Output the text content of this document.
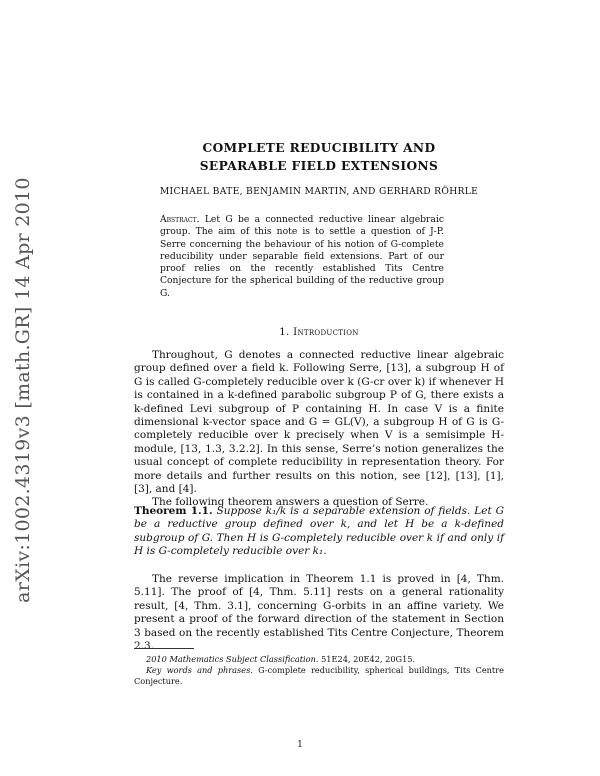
arXiv:1002.4319v3 [math.GR] 14 Apr 2010
COMPLETE REDUCIBILITY AND
SEPARABLE FIELD EXTENSIONS
MICHAEL BATE, BENJAMIN MARTIN, AND GERHARD RÖHRLE
Abstract. Let G be a connected reductive linear algebraic group. The aim of this note is to settle a question of J-P. Serre concerning the behaviour of his notion of G-complete reducibility under separable field extensions. Part of our proof relies on the recently established Tits Centre Conjecture for the spherical building of the reductive group G.
1. Introduction

Throughout, G denotes a connected reductive linear algebraic group defined over a field k. Following Serre, [13], a subgroup H of G is called G-completely reducible over k (G-cr over k) if whenever H is contained in a k-defined parabolic subgroup P of G, there exists a k-defined Levi subgroup of P containing H. In case V is a finite dimensional k-vector space and G = GL(V), a subgroup H of G is G-completely reducible over k precisely when V is a semisimple H-module, [13, 1.3, 3.2.2]. In this sense, Serre’s notion generalizes the usual concept of complete reducibility in representation theory. For more details and further results on this notion, see [12], [13], [1], [3], and [4].

The following theorem answers a question of Serre.

Theorem 1.1. Suppose k₁/k is a separable extension of fields. Let G be a reductive group defined over k, and let H be a k-defined subgroup of G. Then H is G-completely reducible over k if and only if H is G-completely reducible over k₁.

The reverse implication in Theorem 1.1 is proved in [4, Thm. 5.11]. The proof of [4, Thm. 5.11] rests on a general rationality result, [4, Thm. 3.1], concerning G-orbits in an affine variety. We present a proof of the forward direction of the statement in Section 3 based on the recently established Tits Centre Conjecture, Theorem 2.3.

2010 Mathematics Subject Classification. 51E24, 20E42, 20G15.

Key words and phrases. G-complete reducibility, spherical buildings, Tits Centre Conjecture.

1
